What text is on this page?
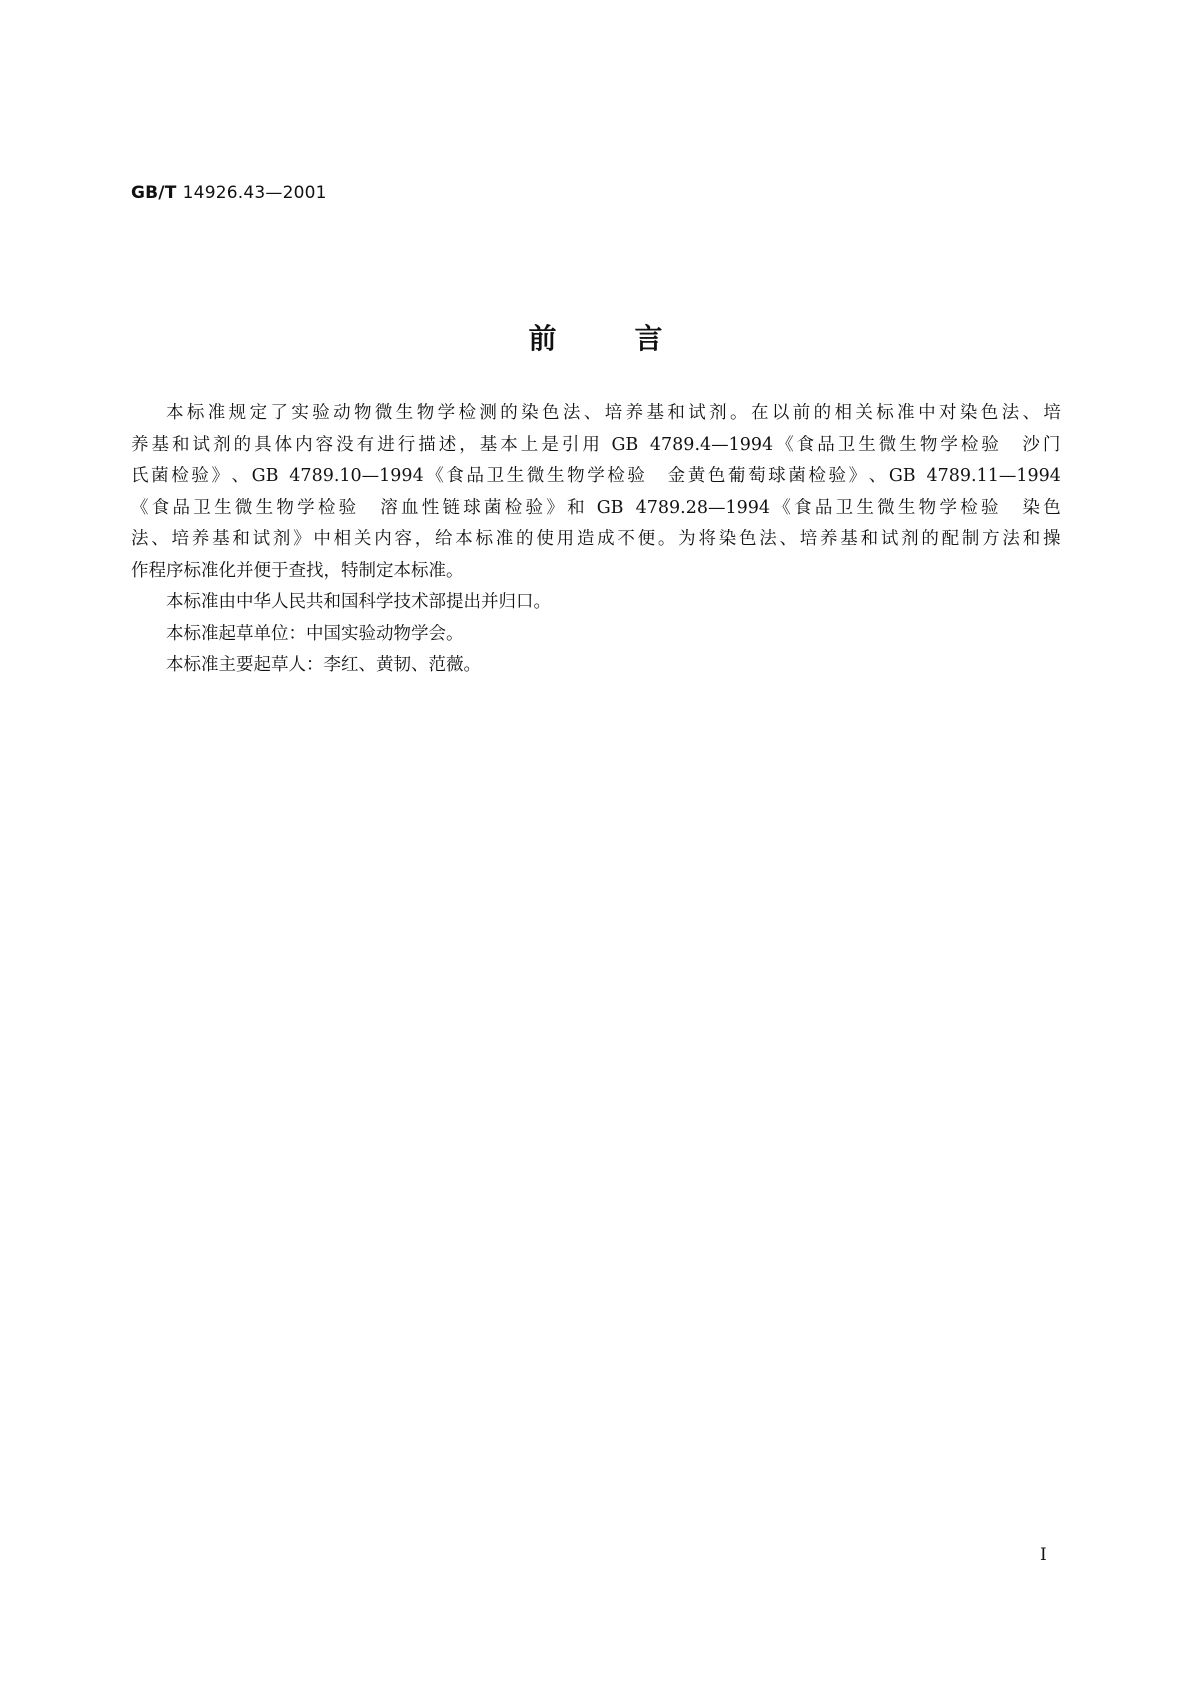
GB/T 14926.43—2001
前言
本 标 准 规 定 了 实 验 动 物 微 生 物 学 检 测 的 染 色 法 、 培 养 基 和 试 剂 。 在 以 前 的 相 关 标 准 中 对 染 色 法 、 培
养 基 和 试 剂 的 具 体 内 容 没 有 进 行 描 述 ， 基 本 上 是 引 用
GB
4789.4—1994 《 食 品 卫 生 微 生 物 学 检 验
　 沙 门
氏 菌 检 验 》 、 GB
4789.10—1994 《 食 品 卫 生 微 生 物 学 检 验
　 金 黄 色 葡 萄 球 菌 检 验 》 、 GB
4789.11—1994
《 食 品 卫 生 微 生 物 学 检 验
　 溶 血 性 链 球 菌 检 验 》 和
GB
4789.28—1994 《 食 品 卫 生 微 生 物 学 检 验
　 染 色
法 、 培 养 基 和 试 剂 》 中 相 关 内 容 ， 给 本 标 准 的 使 用 造 成 不 便 。 为 将 染 色 法 、 培 养 基 和 试 剂 的 配 制 方 法 和 操
作程序标准化并便于查找，特制定本标准。
本标准由中华人民共和国科学技术部提出并归口。
本标准起草单位：中国实验动物学会。
本标准主要起草人：李红、黄韧、范薇。
I
